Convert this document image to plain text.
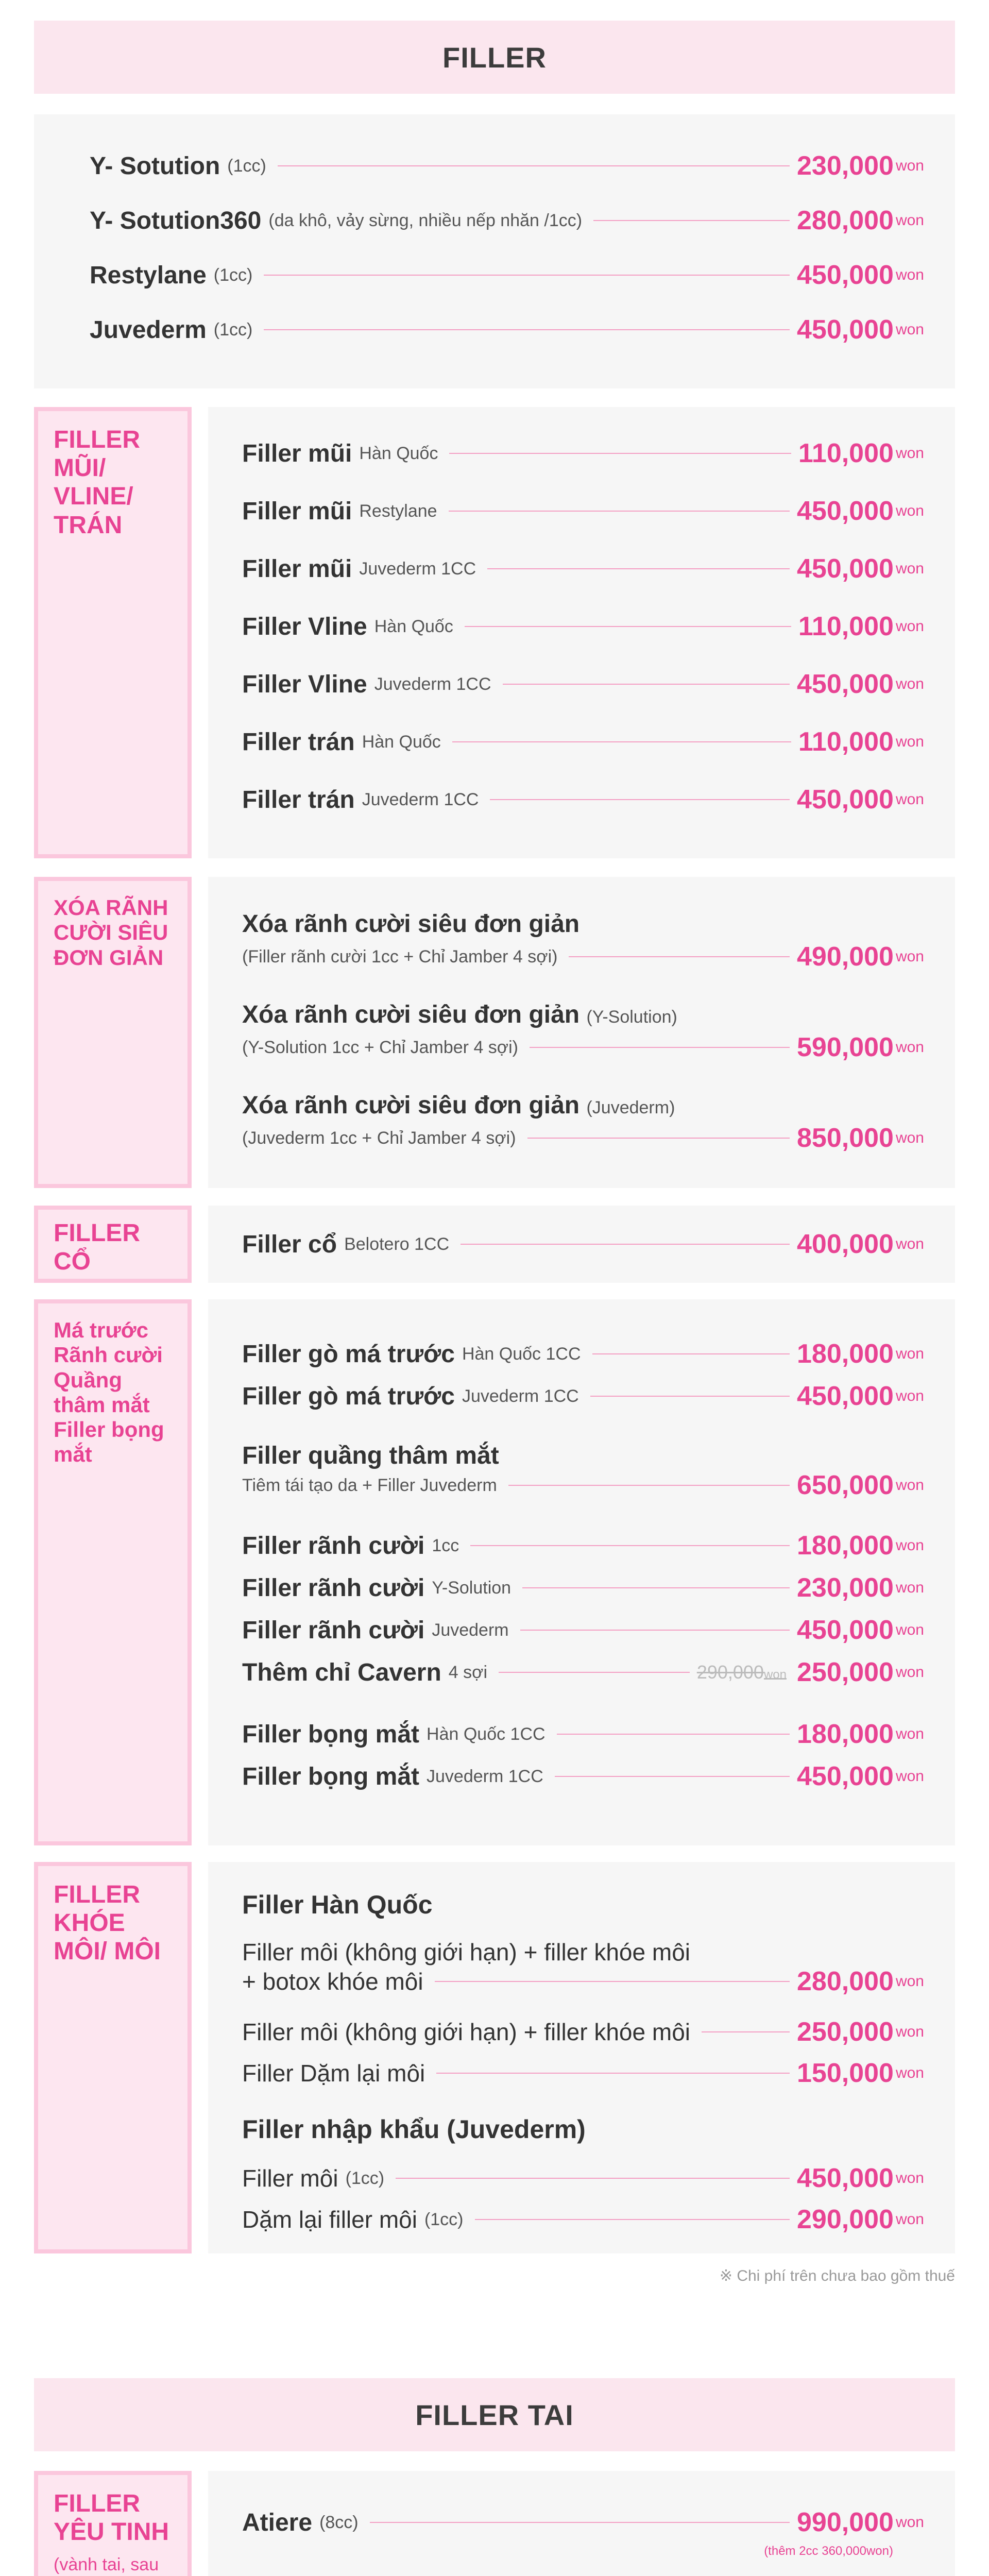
FILLER
Y- Sotution (1cc)	230,000 won
Y- Sotution360 (da khô, vảy sừng, nhiều nếp nhăn /1cc)	280,000 won
Restylane (1cc)	450,000 won
Juvederm (1cc)	450,000 won
FILLER MŨI/ VLINE/ TRÁN
Filler mũi Hàn Quốc	110,000 won
Filler mũi Restylane	450,000 won
Filler mũi Juvederm 1CC	450,000 won
Filler Vline Hàn Quốc	110,000 won
Filler Vline Juvederm 1CC	450,000 won
Filler trán Hàn Quốc	110,000 won
Filler trán Juvederm 1CC	450,000 won
XÓA RÃNH CƯỜI SIÊU ĐƠN GIẢN
Xóa rãnh cười siêu đơn giản
(Filler rãnh cười 1cc + Chỉ Jamber 4 sợi)	490,000 won
Xóa rãnh cười siêu đơn giản (Y-Solution)
(Y-Solution 1cc + Chỉ Jamber 4 sợi)	590,000 won
Xóa rãnh cười siêu đơn giản (Juvederm)
(Juvederm 1cc + Chỉ Jamber 4 sợi)	850,000 won
FILLER CỔ
Filler cổ Belotero 1CC	400,000 won
Má trước Rãnh cười Quầng thâm mắt Filler bọng mắt
Filler gò má trước Hàn Quốc 1CC	180,000 won
Filler gò má trước Juvederm 1CC	450,000 won
Filler quầng thâm mắt
Tiêm tái tạo da + Filler Juvederm	650,000 won
Filler rãnh cười 1cc	180,000 won
Filler rãnh cười Y-Solution	230,000 won
Filler rãnh cười Juvederm	450,000 won
Thêm chỉ Cavern 4 sợi	290,000won 250,000 won
Filler bọng mắt Hàn Quốc 1CC	180,000 won
Filler bọng mắt Juvederm 1CC	450,000 won
FILLER KHÓE MÔI/ MÔI
Filler Hàn Quốc
Filler môi (không giới hạn) + filler khóe môi
+ botox khóe môi	280,000 won
Filler môi (không giới hạn) + filler khóe môi	250,000 won
Filler Dặm lại môi	150,000 won
Filler nhập khẩu (Juvederm)
Filler môi (1cc)	450,000 won
Dặm lại filler môi (1cc)	290,000 won
※ Chi phí trên chưa bao gồm thuế
FILLER TAI
FILLER YÊU TINH
(vành tai, sau
Atiere (8cc)	990,000 won
(thêm 2cc 360,000won)
